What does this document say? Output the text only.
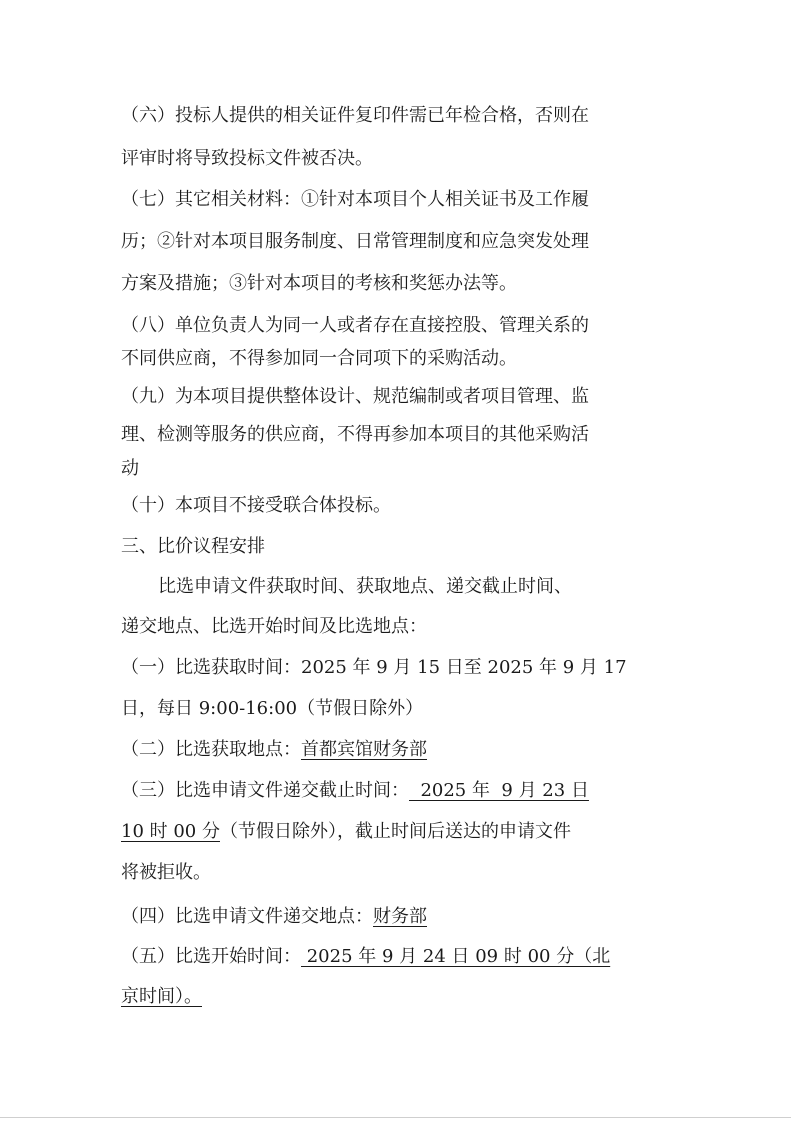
（六）投标人提供的相关证件复印件需已年检合格，否则在
评审时将导致投标文件被否决。
（七）其它相关材料：①针对本项目个人相关证书及工作履
历；②针对本项目服务制度、日常管理制度和应急突发处理
方案及措施；③针对本项目的考核和奖惩办法等。
（八）单位负责人为同一人或者存在直接控股、管理关系的
不同供应商，不得参加同一合同项下的采购活动。
（九）为本项目提供整体设计、规范编制或者项目管理、监
理、检测等服务的供应商，不得再参加本项目的其他采购活
动
（十）本项目不接受联合体投标。
三、比价议程安排
比选申请文件获取时间、获取地点、递交截止时间、
递交地点、比选开始时间及比选地点：
（一）比选获取时间：2025 年 9 月 15 日至 2025 年 9 月 17
日，每日 9:00-16:00（节假日除外）
（二）比选获取地点：首都宾馆财务部
（三）比选申请文件递交截止时间：  2025 年  9 月 23 日
10 时 00 分（节假日除外），截止时间后送达的申请文件
将被拒收。
（四）比选申请文件递交地点：财务部
（五）比选开始时间： 2025 年 9 月 24 日 09 时 00 分（北
京时间）。
